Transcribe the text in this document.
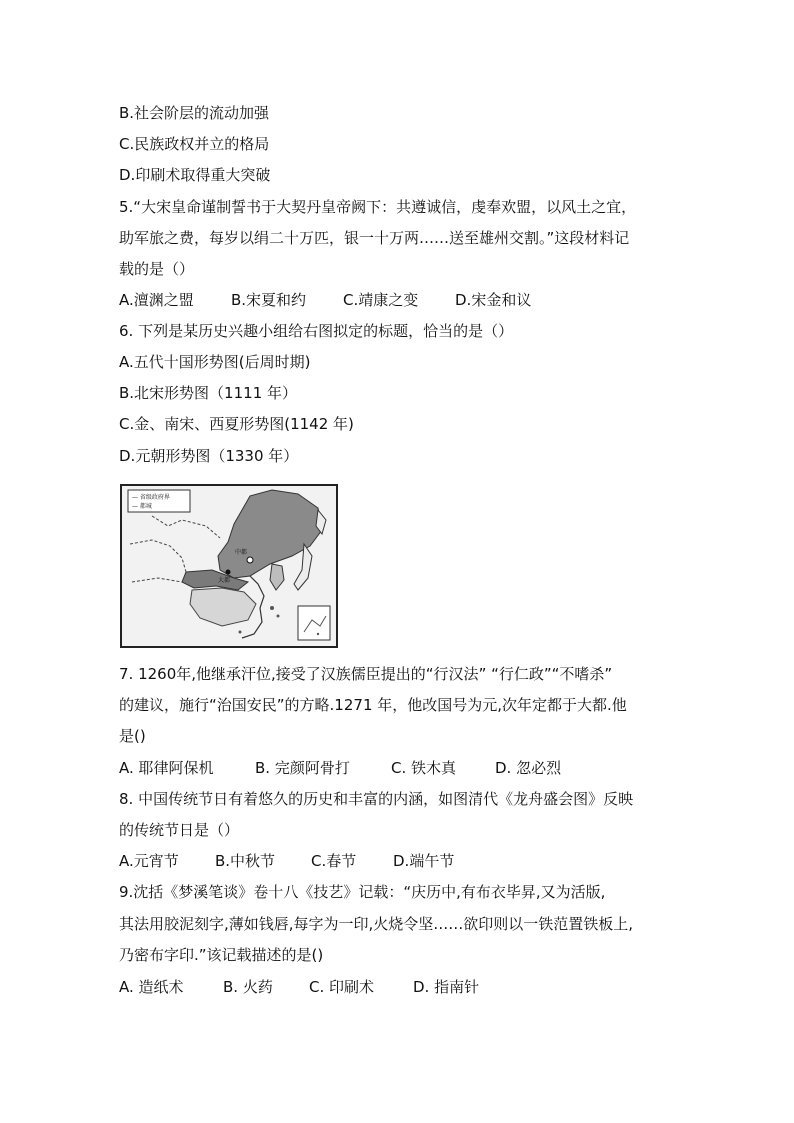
B.社会阶层的流动加强
C.民族政权并立的格局
D.印刷术取得重大突破
5.“大宋皇命谨制誓书于大契丹皇帝阙下：共遵诚信，虔奉欢盟，以风土之宜，
助军旅之费，每岁以绢二十万匹，银一十万两……送至雄州交割。”这段材料记
载的是（）
A.澶渊之盟 B.宋夏和约 C.靖康之变 D.宋金和议
6. 下列是某历史兴趣小组给右图拟定的标题，恰当的是（）
A.五代十国形势图(后周时期)
B.北宋形势图（1111 年）
C.金、南宋、西夏形势图(1142 年)
D.元朝形势图（1330 年）
— 省级政府界
— 都城
中都
大都
7. 1260年,他继承汗位,接受了汉族儒臣提出的“行汉法” “行仁政”“不嗜杀”
的建议，施行“治国安民”的方略.1271 年，他改国号为元,次年定都于大都.他
是()
A. 耶律阿保机	B. 完颜阿骨打	C. 铁木真	D. 忽必烈
8. 中国传统节日有着悠久的历史和丰富的内涵，如图清代《龙舟盛会图》反映
的传统节日是（）
A.元宵节 B.中秋节 C.春节 D.端午节
9.沈括《梦溪笔谈》卷十八《技艺》记载：“庆历中,有布衣毕昇,又为活版,
其法用胶泥刻字,薄如钱唇,每字为一印,火烧令坚……欲印则以一铁范置铁板上,
乃密布字印.”该记载描述的是()
A. 造纸术	B. 火药 C. 印刷术	D. 指南针
